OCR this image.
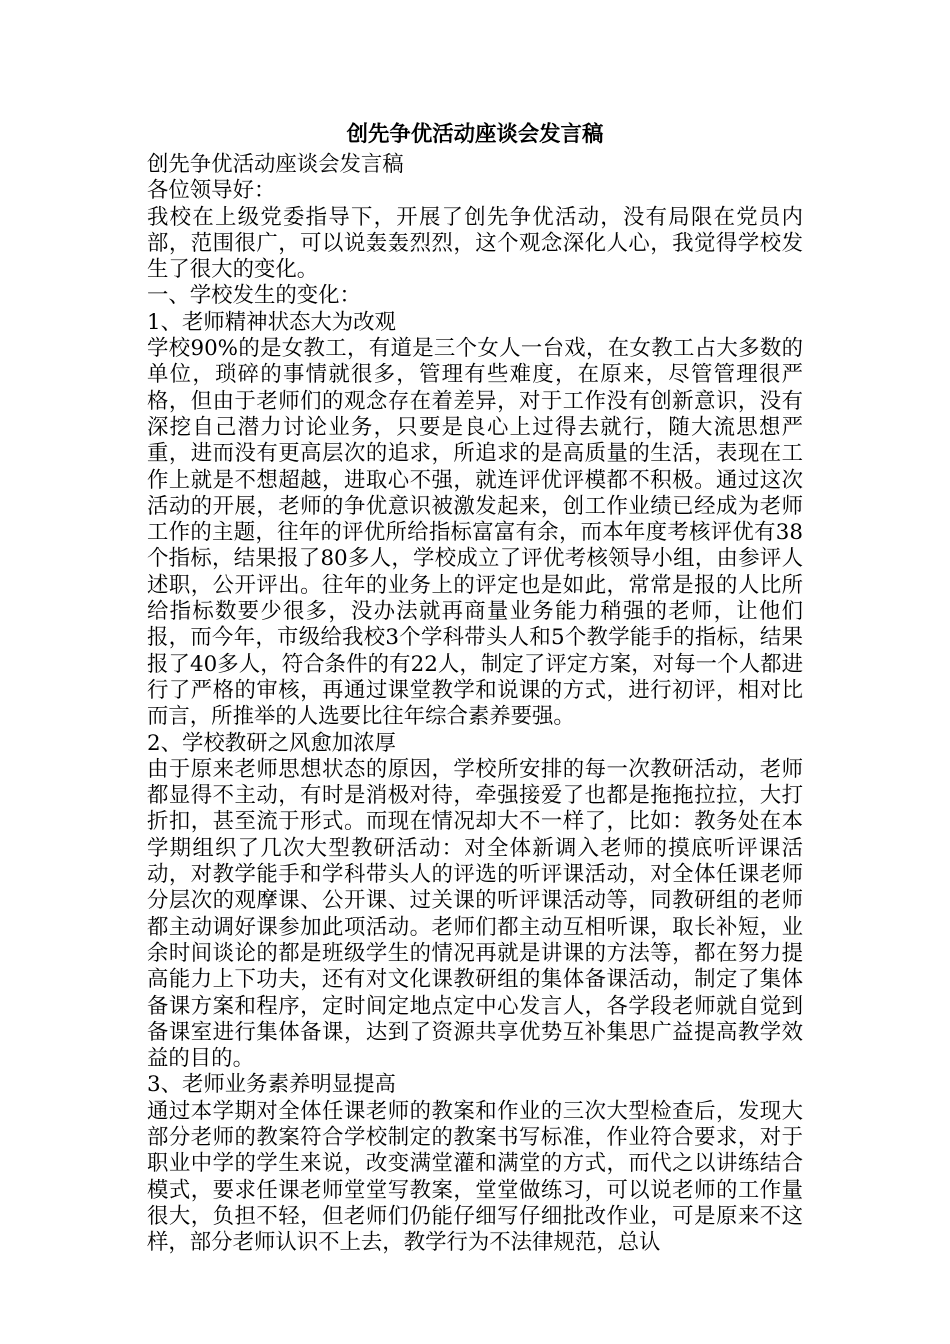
创先争优活动座谈会发言稿

创先争优活动座谈会发言稿

各位领导好：

我校在上级党委指导下，开展了创先争优活动，没有局限在党员内部，范围很广，可以说轰轰烈烈，这个观念深化人心，我觉得学校发生了很大的变化。

一、学校发生的变化：

1、老师精神状态大为改观

学校90%的是女教工，有道是三个女人一台戏，在女教工占大多数的单位，琐碎的事情就很多，管理有些难度，在原来，尽管管理很严格，但由于老师们的观念存在着差异，对于工作没有创新意识，没有深挖自己潜力讨论业务，只要是良心上过得去就行，随大流思想严重，进而没有更高层次的追求，所追求的是高质量的生活，表现在工作上就是不想超越，进取心不强，就连评优评模都不积极。通过这次活动的开展，老师的争优意识被激发起来，创工作业绩已经成为老师工作的主题，往年的评优所给指标富富有余，而本年度考核评优有38个指标，结果报了80多人，学校成立了评优考核领导小组，由参评人述职，公开评出。往年的业务上的评定也是如此，常常是报的人比所给指标数要少很多，没办法就再商量业务能力稍强的老师，让他们报，而今年，市级给我校3个学科带头人和5个教学能手的指标，结果报了40多人，符合条件的有22人，制定了评定方案，对每一个人都进行了严格的审核，再通过课堂教学和说课的方式，进行初评，相对比而言，所推举的人选要比往年综合素养要强。

2、学校教研之风愈加浓厚

由于原来老师思想状态的原因，学校所安排的每一次教研活动，老师都显得不主动，有时是消极对待，牵强接爱了也都是拖拖拉拉，大打折扣，甚至流于形式。而现在情况却大不一样了，比如：教务处在本学期组织了几次大型教研活动：对全体新调入老师的摸底听评课活动，对教学能手和学科带头人的评选的听评课活动，对全体任课老师分层次的观摩课、公开课、过关课的听评课活动等，同教研组的老师都主动调好课参加此项活动。老师们都主动互相听课，取长补短，业余时间谈论的都是班级学生的情况再就是讲课的方法等，都在努力提高能力上下功夫，还有对文化课教研组的集体备课活动，制定了集体备课方案和程序，定时间定地点定中心发言人，各学段老师就自觉到备课室进行集体备课，达到了资源共享优势互补集思广益提高教学效益的目的。

3、老师业务素养明显提高

通过本学期对全体任课老师的教案和作业的三次大型检查后，发现大部分老师的教案符合学校制定的教案书写标准，作业符合要求，对于职业中学的学生来说，改变满堂灌和满堂的方式，而代之以讲练结合模式，要求任课老师堂堂写教案，堂堂做练习，可以说老师的工作量很大，负担不轻，但老师们仍能仔细写仔细批改作业，可是原来不这样，部分老师认识不上去，教学行为不法律规范，总认
